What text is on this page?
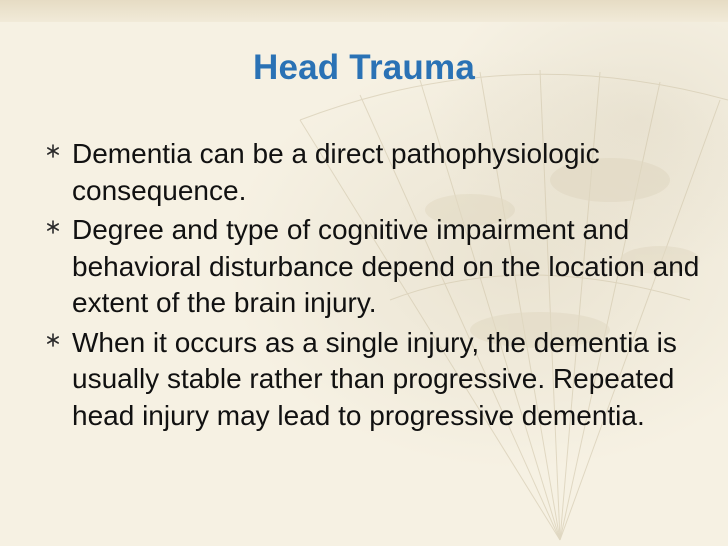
Head Trauma
Dementia can be a direct pathophysiologic consequence.
Degree and type of cognitive impairment and behavioral disturbance depend on the location and extent of the brain injury.
When it occurs as a single injury, the dementia is usually stable rather than progressive. Repeated head injury may lead to progressive dementia.
